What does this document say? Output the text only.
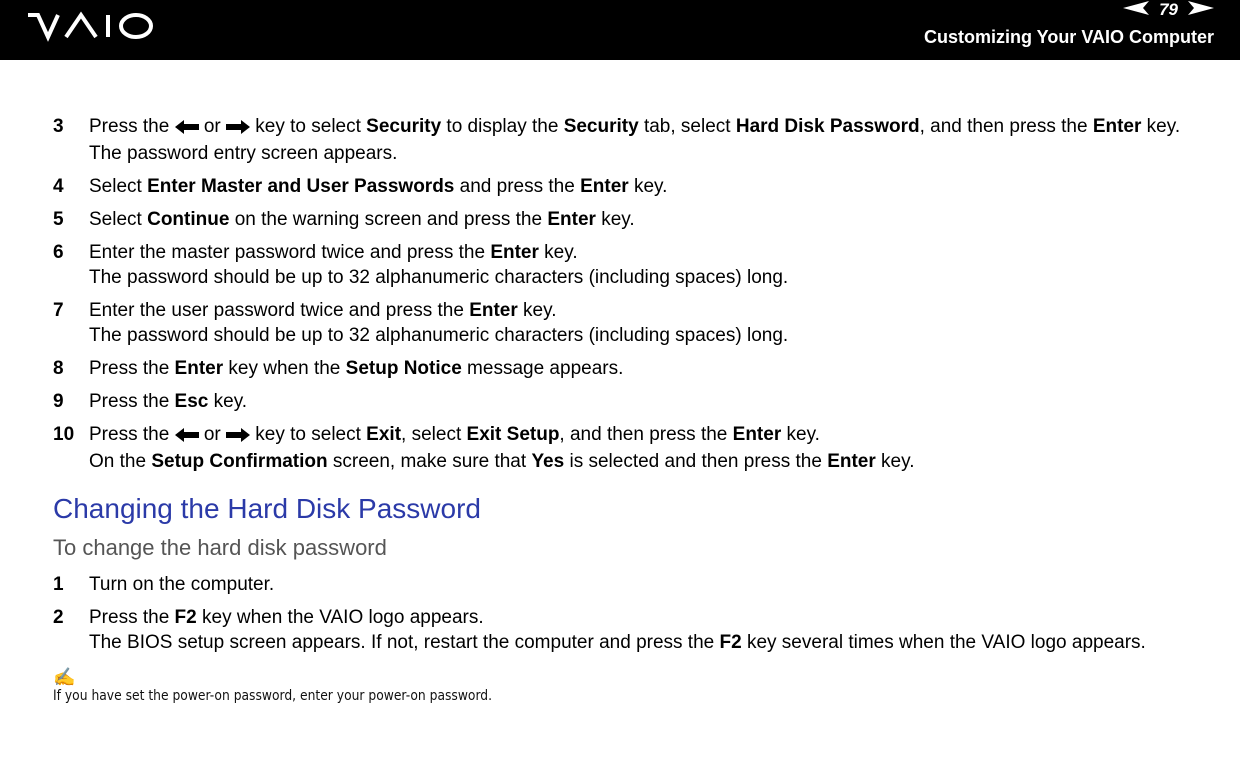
79
Customizing Your VAIO Computer
3	Press the  or  key to select Security to display the Security tab, select Hard Disk Password, and then press the Enter key.
The password entry screen appears.
4	Select Enter Master and User Passwords and press the Enter key.
5	Select Continue on the warning screen and press the Enter key.
6	Enter the master password twice and press the Enter key.
The password should be up to 32 alphanumeric characters (including spaces) long.
7	Enter the user password twice and press the Enter key.
The password should be up to 32 alphanumeric characters (including spaces) long.
8	Press the Enter key when the Setup Notice message appears.
9	Press the Esc key.
10 Press the  or  key to select Exit, select Exit Setup, and then press the Enter key.
On the Setup Confirmation screen, make sure that Yes is selected and then press the Enter key.
Changing the Hard Disk Password
To change the hard disk password
1	Turn on the computer.
2	Press the F2 key when the VAIO logo appears.
The BIOS setup screen appears. If not, restart the computer and press the F2 key several times when the VAIO logo appears.
✍
If you have set the power-on password, enter your power-on password.
